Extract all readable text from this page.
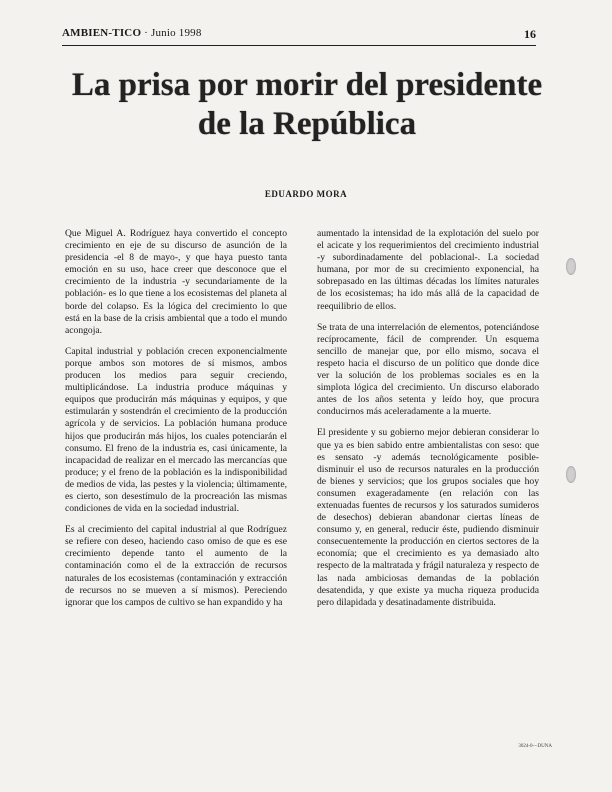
AMBIEN-TICO · Junio 1998	16
La prisa por morir del presidente de la República
EDUARDO MORA

Que Miguel A. Rodríguez haya convertido el concepto crecimiento en eje de su discurso de asunción de la presidencia -el 8 de mayo-, y que haya puesto tanta emoción en su uso, hace creer que desconoce que el crecimiento de la industria -y secundariamente de la población- es lo que tiene a los ecosistemas del planeta al borde del colapso. Es la lógica del crecimiento lo que está en la base de la crisis ambiental que a todo el mundo acongoja.

Capital industrial y población crecen exponencialmente porque ambos son motores de sí mismos, ambos producen los medios para seguir creciendo, multiplicándose. La industria produce máquinas y equipos que producirán más máquinas y equipos, y que estimularán y sostendrán el crecimiento de la producción agrícola y de servicios. La población humana produce hijos que producirán más hijos, los cuales potenciarán el consumo. El freno de la industria es, casi únicamente, la incapacidad de realizar en el mercado las mercancías que produce; y el freno de la población es la indisponibilidad de medios de vida, las pestes y la violencia; últimamente, es cierto, son desestímulo de la procreación las mismas condiciones de vida en la sociedad industrial.

Es al crecimiento del capital industrial al que Rodríguez se refiere con deseo, haciendo caso omiso de que es ese crecimiento depende tanto el aumento de la contaminación como el de la extracción de recursos naturales de los ecosistemas (contaminación y extracción de recursos no se mueven a sí mismos). Pereciendo ignorar que los campos de cultivo se han expandido y ha

aumentado la intensidad de la explotación del suelo por el acicate y los requerimientos del crecimiento industrial -y subordinadamente del poblacional-. La sociedad humana, por mor de su crecimiento exponencial, ha sobrepasado en las últimas décadas los límites naturales de los ecosistemas; ha ido más allá de la capacidad de reequilibrio de ellos.

Se trata de una interrelación de elementos, potenciándose recíprocamente, fácil de comprender. Un esquema sencillo de manejar que, por ello mismo, socava el respeto hacia el discurso de un político que donde dice ver la solución de los problemas sociales es en la simplota lógica del crecimiento. Un discurso elaborado antes de los años setenta y leído hoy, que procura conducirnos más aceleradamente a la muerte.

El presidente y su gobierno mejor debieran considerar lo que ya es bien sabido entre ambientalistas con seso: que es sensato -y además tecnológicamente posible- disminuir el uso de recursos naturales en la producción de bienes y servicios; que los grupos sociales que hoy consumen exageradamente (en relación con las extenuadas fuentes de recursos y los saturados sumideros de desechos) debieran abandonar ciertas líneas de consumo y, en general, reducir éste, pudiendo disminuir consecuentemente la producción en ciertos sectores de la economía; que el crecimiento es ya demasiado alto respecto de la maltratada y frágil naturaleza y respecto de las nada ambiciosas demandas de la población desatendida, y que existe ya mucha riqueza producida pero dilapidada y desatinadamente distribuida.

3024-0—DUNA
